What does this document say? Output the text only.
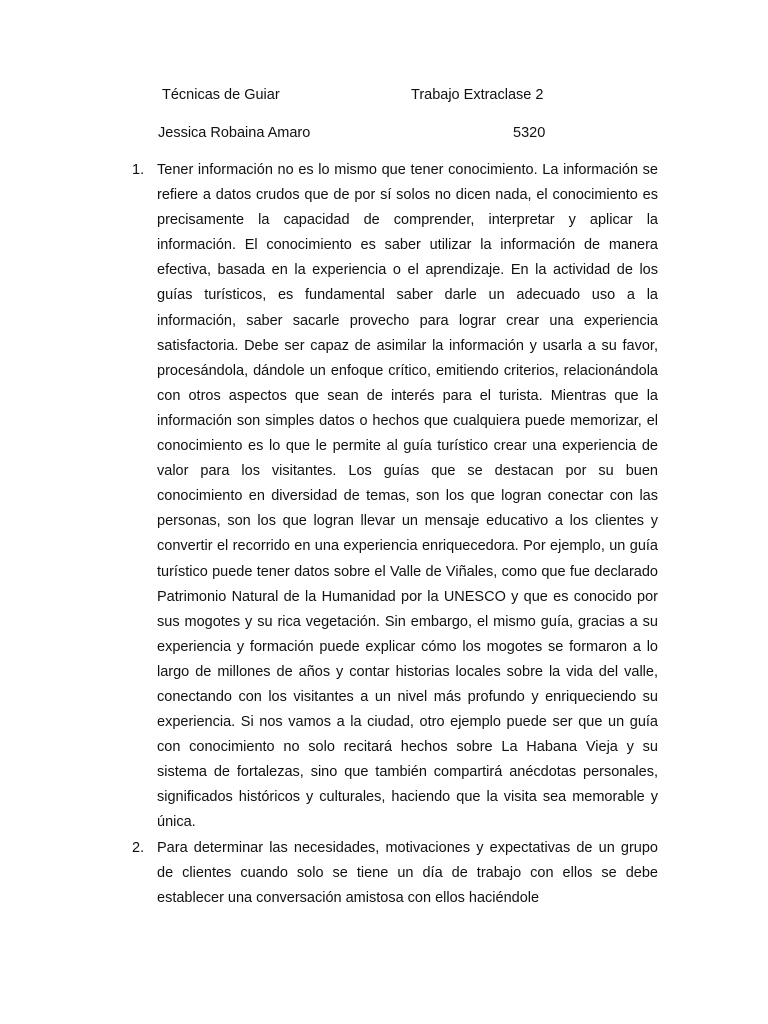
Técnicas de Guiar	Trabajo Extraclase 2
Jessica Robaina Amaro	5320
1. Tener información no es lo mismo que tener conocimiento. La información se refiere a datos crudos que de por sí solos no dicen nada, el conocimiento es precisamente la capacidad de comprender, interpretar y aplicar la información. El conocimiento es saber utilizar la información de manera efectiva, basada en la experiencia o el aprendizaje. En la actividad de los guías turísticos, es fundamental saber darle un adecuado uso a la información, saber sacarle provecho para lograr crear una experiencia satisfactoria. Debe ser capaz de asimilar la información y usarla a su favor, procesándola, dándole un enfoque crítico, emitiendo criterios, relacionándola con otros aspectos que sean de interés para el turista. Mientras que la información son simples datos o hechos que cualquiera puede memorizar, el conocimiento es lo que le permite al guía turístico crear una experiencia de valor para los visitantes. Los guías que se destacan por su buen conocimiento en diversidad de temas, son los que logran conectar con las personas, son los que logran llevar un mensaje educativo a los clientes y convertir el recorrido en una experiencia enriquecedora. Por ejemplo, un guía turístico puede tener datos sobre el Valle de Viñales, como que fue declarado Patrimonio Natural de la Humanidad por la UNESCO y que es conocido por sus mogotes y su rica vegetación. Sin embargo, el mismo guía, gracias a su experiencia y formación puede explicar cómo los mogotes se formaron a lo largo de millones de años y contar historias locales sobre la vida del valle, conectando con los visitantes a un nivel más profundo y enriqueciendo su experiencia. Si nos vamos a la ciudad, otro ejemplo puede ser que un guía con conocimiento no solo recitará hechos sobre La Habana Vieja y su sistema de fortalezas, sino que también compartirá anécdotas personales, significados históricos y culturales, haciendo que la visita sea memorable y única.
2. Para determinar las necesidades, motivaciones y expectativas de un grupo de clientes cuando solo se tiene un día de trabajo con ellos se debe establecer una conversación amistosa con ellos haciéndole
